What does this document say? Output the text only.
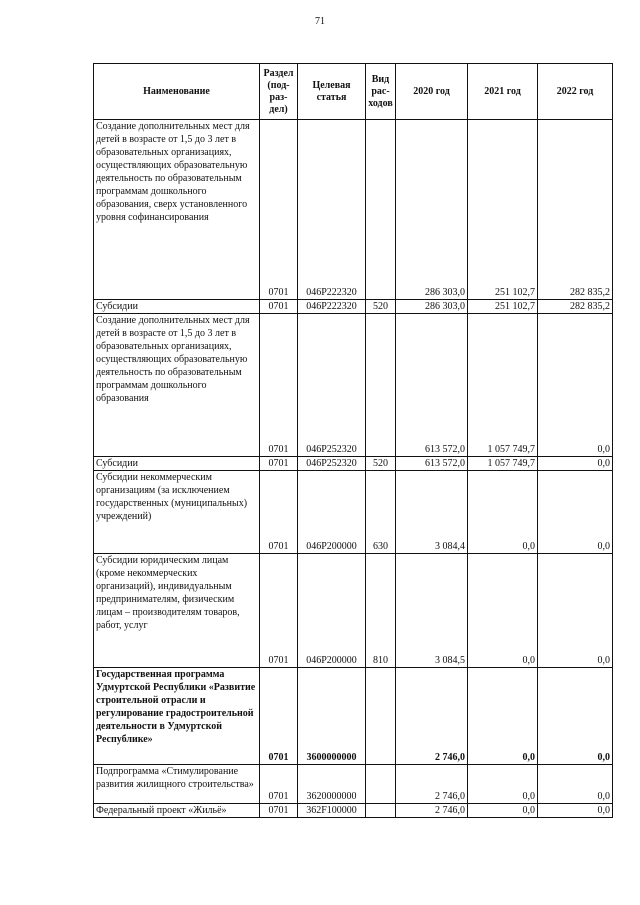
71
Наименование	Раздел (под-раз-дел)	Целевая статья	Вид рас-ходов	2020 год	2021 год	2022 год
Создание дополнительных мест для детей в возрасте от 1,5 до 3 лет в образовательных организациях, осуществляющих образовательную деятельность по образовательным программам дошкольного образования, сверх установленного уровня софинансирования	0701	046P222320		286 303,0	251 102,7	282 835,2
Субсидии	0701	046P222320	520	286 303,0	251 102,7	282 835,2
Создание дополнительных мест для детей в возрасте от 1,5 до 3 лет в образовательных организациях, осуществляющих образовательную деятельность по образовательным программам дошкольного образования	0701	046P252320		613 572,0	1 057 749,7	0,0
Субсидии	0701	046P252320	520	613 572,0	1 057 749,7	0,0
Субсидии некоммерческим организациям (за исключением государственных (муниципальных) учреждений)	0701	046P200000	630	3 084,4	0,0	0,0
Субсидии юридическим лицам (кроме некоммерческих организаций), индивидуальным предпринимателям, физическим лицам – производителям товаров, работ, услуг	0701	046P200000	810	3 084,5	0,0	0,0
Государственная программа Удмуртской Республики «Развитие строительной отрасли и регулирование градостроительной деятельности в Удмуртской Республике»	0701	3600000000		2 746,0	0,0	0,0
Подпрограмма «Стимулирование развития жилищного строительства»	0701	3620000000		2 746,0	0,0	0,0
Федеральный проект «Жильё»	0701	362F100000		2 746,0	0,0	0,0
